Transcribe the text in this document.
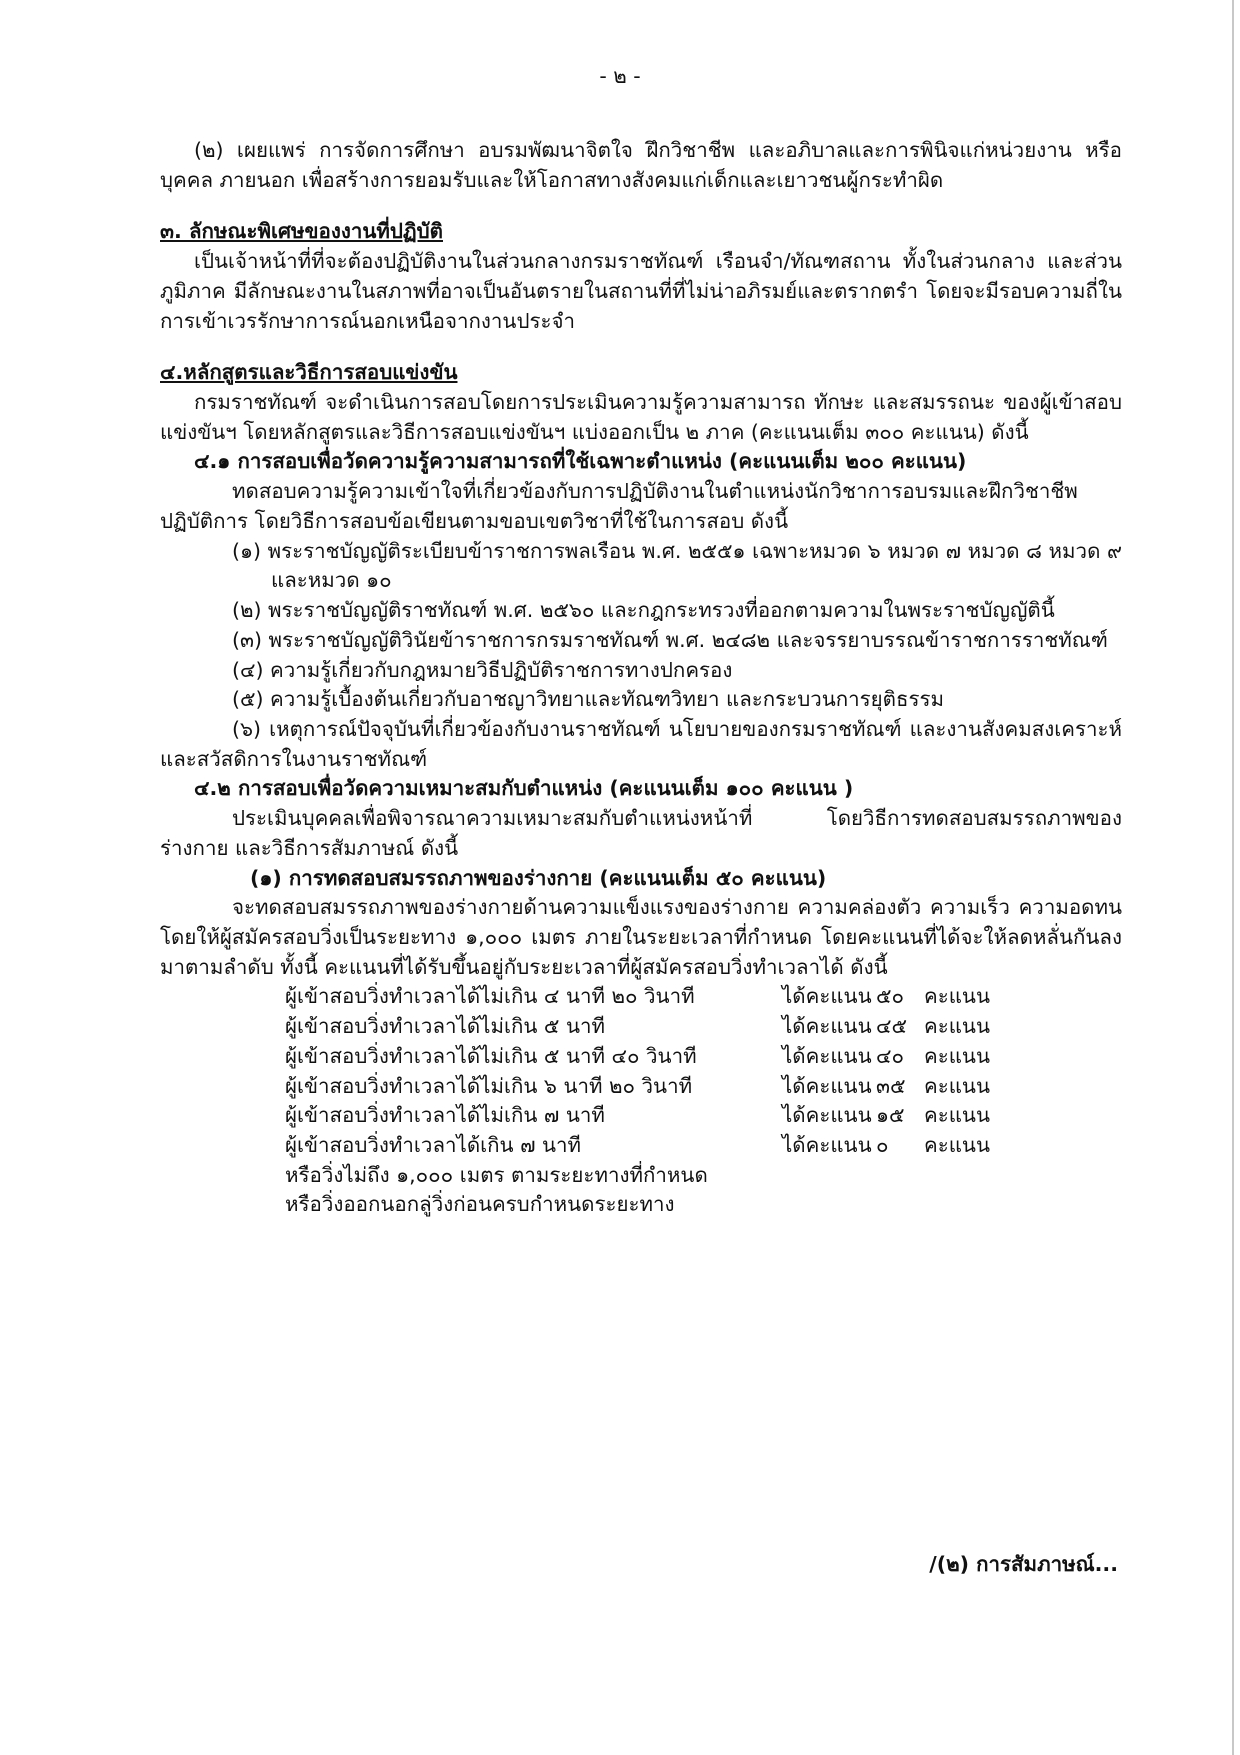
- ๒ -

(๒) เผยแพร่ การจัดการศึกษา อบรมพัฒนาจิตใจ ฝึกวิชาชีพ และอภิบาลและการพินิจแก่หน่วยงาน หรือบุคคล ภายนอก เพื่อสร้างการยอมรับและให้โอกาสทางสังคมแก่เด็กและเยาวชนผู้กระทำผิด

๓. ลักษณะพิเศษของงานที่ปฏิบัติ

เป็นเจ้าหน้าที่ที่จะต้องปฏิบัติงานในส่วนกลางกรมราชทัณฑ์ เรือนจำ/ทัณฑสถาน ทั้งในส่วนกลาง และส่วนภูมิภาค มีลักษณะงานในสภาพที่อาจเป็นอันตรายในสถานที่ที่ไม่น่าอภิรมย์และตรากตรำ โดยจะมีรอบความถี่ในการเข้าเวรรักษาการณ์นอกเหนือจากงานประจำ

๔.หลักสูตรและวิธีการสอบแข่งขัน

กรมราชทัณฑ์ จะดำเนินการสอบโดยการประเมินความรู้ความสามารถ ทักษะ และสมรรถนะ ของผู้เข้าสอบแข่งขันฯ โดยหลักสูตรและวิธีการสอบแข่งขันฯ แบ่งออกเป็น ๒ ภาค (คะแนนเต็ม ๓๐๐ คะแนน) ดังนี้

๔.๑ การสอบเพื่อวัดความรู้ความสามารถที่ใช้เฉพาะตำแหน่ง (คะแนนเต็ม ๒๐๐ คะแนน)

ทดสอบความรู้ความเข้าใจที่เกี่ยวข้องกับการปฏิบัติงานในตำแหน่งนักวิชาการอบรมและฝึกวิชาชีพปฏิบัติการ โดยวิธีการสอบข้อเขียนตามขอบเขตวิชาที่ใช้ในการสอบ ดังนี้

(๑) พระราชบัญญัติระเบียบข้าราชการพลเรือน พ.ศ. ๒๕๕๑ เฉพาะหมวด ๖ หมวด ๗ หมวด ๘ หมวด ๙ และหมวด ๑๐

(๒) พระราชบัญญัติราชทัณฑ์ พ.ศ. ๒๕๖๐ และกฎกระทรวงที่ออกตามความในพระราชบัญญัตินี้

(๓) พระราชบัญญัติวินัยข้าราชการกรมราชทัณฑ์ พ.ศ. ๒๔๘๒ และจรรยาบรรณข้าราชการราชทัณฑ์

(๔) ความรู้เกี่ยวกับกฎหมายวิธีปฏิบัติราชการทางปกครอง

(๕) ความรู้เบื้องต้นเกี่ยวกับอาชญาวิทยาและทัณฑวิทยา และกระบวนการยุติธรรม

(๖) เหตุการณ์ปัจจุบันที่เกี่ยวข้องกับงานราชทัณฑ์ นโยบายของกรมราชทัณฑ์ และงานสังคมสงเคราะห์ และสวัสดิการในงานราชทัณฑ์

๔.๒ การสอบเพื่อวัดความเหมาะสมกับตำแหน่ง (คะแนนเต็ม ๑๐๐ คะแนน )

ประเมินบุคคลเพื่อพิจารณาความเหมาะสมกับตำแหน่งหน้าที่ โดยวิธีการทดสอบสมรรถภาพของร่างกาย และวิธีการสัมภาษณ์ ดังนี้

(๑) การทดสอบสมรรถภาพของร่างกาย (คะแนนเต็ม ๕๐ คะแนน)

จะทดสอบสมรรถภาพของร่างกายด้านความแข็งแรงของร่างกาย ความคล่องตัว ความเร็ว ความอดทน โดยให้ผู้สมัครสอบวิ่งเป็นระยะทาง ๑,๐๐๐ เมตร ภายในระยะเวลาที่กำหนด โดยคะแนนที่ได้จะให้ลดหลั่นกันลงมาตามลำดับ ทั้งนี้ คะแนนที่ได้รับขึ้นอยู่กับระยะเวลาที่ผู้สมัครสอบวิ่งทำเวลาได้ ดังนี้

ผู้เข้าสอบวิ่งทำเวลาได้ไม่เกิน ๔ นาที ๒๐ วินาที	ได้คะแนน	๕๐	คะแนน
ผู้เข้าสอบวิ่งทำเวลาได้ไม่เกิน ๕ นาที	ได้คะแนน	๔๕	คะแนน
ผู้เข้าสอบวิ่งทำเวลาได้ไม่เกิน ๕ นาที ๔๐ วินาที	ได้คะแนน	๔๐	คะแนน
ผู้เข้าสอบวิ่งทำเวลาได้ไม่เกิน ๖ นาที ๒๐ วินาที	ได้คะแนน	๓๕	คะแนน
ผู้เข้าสอบวิ่งทำเวลาได้ไม่เกิน ๗ นาที	ได้คะแนน	๑๕	คะแนน
ผู้เข้าสอบวิ่งทำเวลาได้เกิน ๗ นาที	ได้คะแนน	๐	คะแนน

หรือวิ่งไม่ถึง ๑,๐๐๐ เมตร ตามระยะทางที่กำหนด

หรือวิ่งออกนอกลู่วิ่งก่อนครบกำหนดระยะทาง

/(๒) การสัมภาษณ์...
